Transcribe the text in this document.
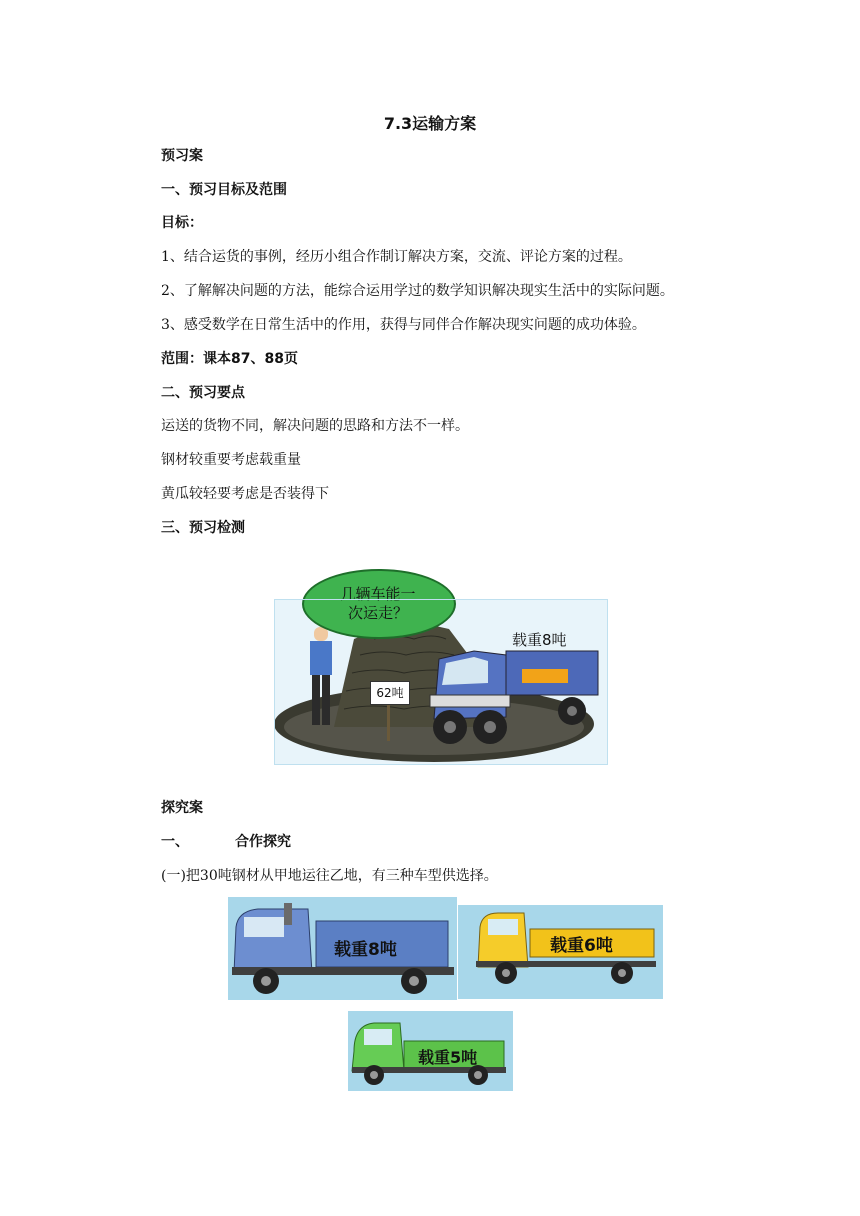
7.3运输方案
预习案
一、预习目标及范围
目标：
1、结合运货的事例，经历小组合作制订解决方案，交流、评论方案的过程。
2、了解解决问题的方法，能综合运用学过的数学知识解决现实生活中的实际问题。
3、感受数学在日常生活中的作用，获得与同伴合作解决现实问题的成功体验。
范围：课本87、88页
二、预习要点
运送的货物不同，解决问题的思路和方法不一样。
钢材较重要考虑载重量
黄瓜较轻要考虑是否装得下
三、预习检测
几辆车能一
次运走？
载重8吨
62吨
探究案
一、	合作探究
(一)把30吨钢材从甲地运往乙地，有三种车型供选择。
载重8吨	载重6吨
载重5吨
